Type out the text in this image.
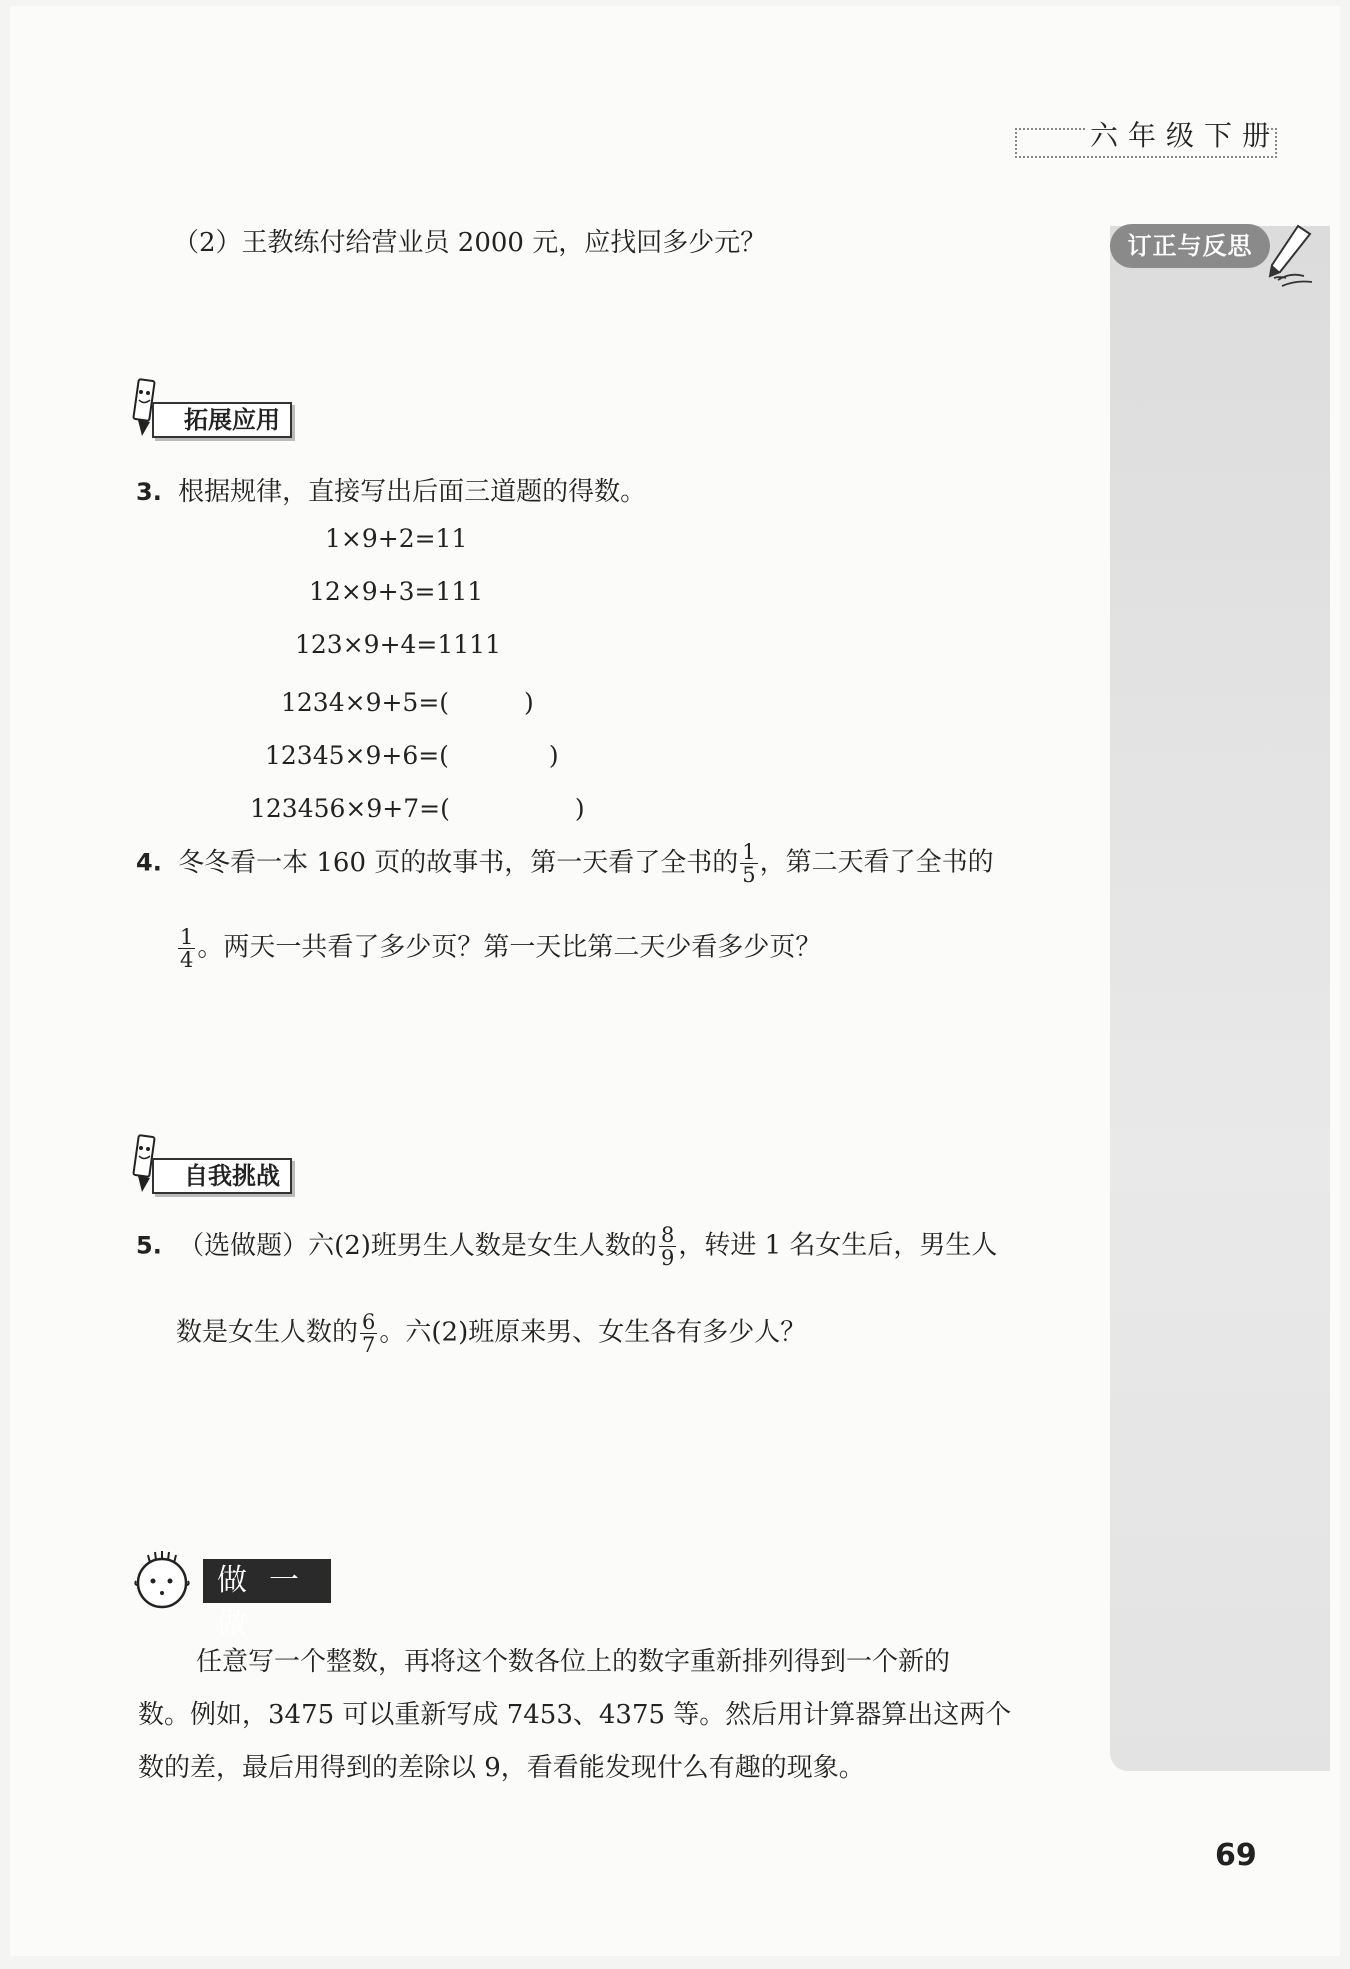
六年级下册
订正与反思
（2）王教练付给营业员 2000 元，应找回多少元？
拓展应用
3. 根据规律，直接写出后面三道题的得数。
1×9+2=11
12×9+3=111
123×9+4=1111
1234×9+5=(　　　)
12345×9+6=(　　　　)
123456×9+7=(　　　　　)
4. 冬冬看一本 160 页的故事书，第一天看了全书的 $\frac{1}{5}$ ，第二天看了全书的
$\frac{1}{4}$ 。两天一共看了多少页？第一天比第二天少看多少页？
自我挑战
5. （选做题）六(2)班男生人数是女生人数的 $\frac{8}{9}$ ，转进 1 名女生后，男生人
数是女生人数的 $\frac{6}{7}$ 。六(2)班原来男、女生各有多少人？
做一做
任意写一个整数，再将这个数各位上的数字重新排列得到一个新的
数。例如，3475 可以重新写成 7453、4375 等。然后用计算器算出这两个
数的差，最后用得到的差除以 9，看看能发现什么有趣的现象。
69
